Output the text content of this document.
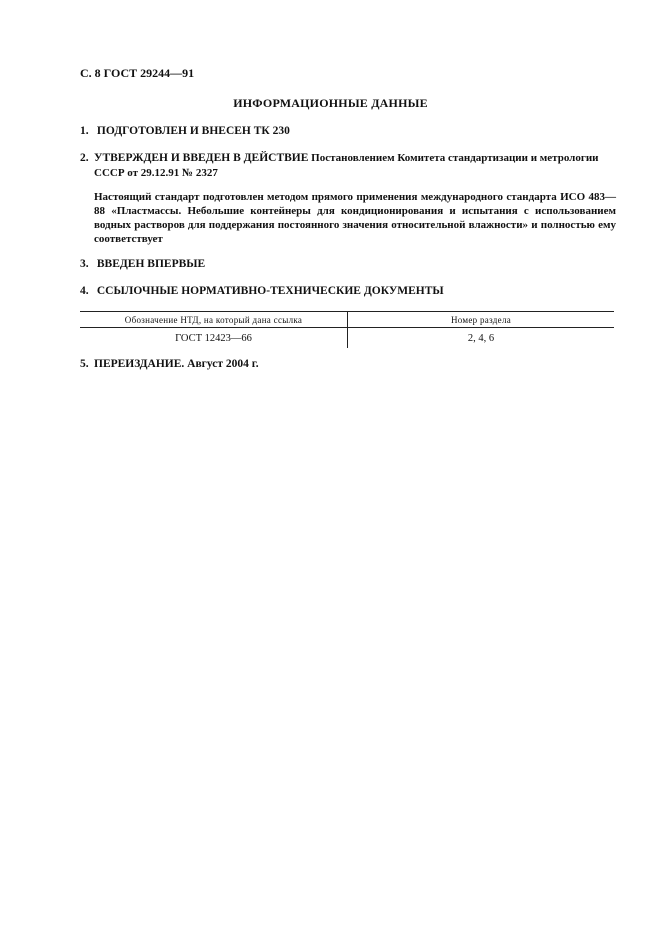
С. 8 ГОСТ 29244—91
ИНФОРМАЦИОННЫЕ ДАННЫЕ
1. ПОДГОТОВЛЕН И ВНЕСЕН ТК 230
2. УТВЕРЖДЕН И ВВЕДЕН В ДЕЙСТВИЕ Постановлением Комитета стандартизации и метрологии
СССР от 29.12.91 № 2327
Настоящий стандарт подготовлен методом прямого применения международного стандарта ИСО 483—88 «Пластмассы. Небольшие контейнеры для кондиционирования и испытания с использованием водных растворов для поддержания постоянного значения относительной влажности» и полностью ему соответствует
3. ВВЕДЕН ВПЕРВЫЕ
4. ССЫЛОЧНЫЕ НОРМАТИВНО-ТЕХНИЧЕСКИЕ ДОКУМЕНТЫ
Обозначение НТД, на который дана ссылка	Номер раздела
ГОСТ 12423—66	2, 4, 6
5. ПЕРЕИЗДАНИЕ. Август 2004 г.
